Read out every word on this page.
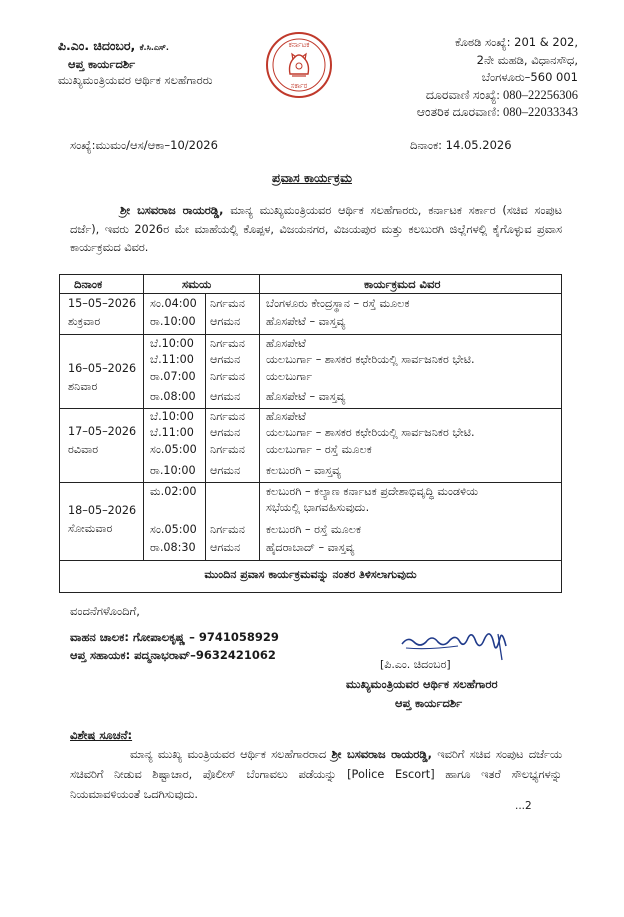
ಪಿ.ಎಂ. ಚಿದಂಬರ, ಕೆ.ಸಿ.ಎಸ್.
ಆಪ್ತ ಕಾರ್ಯದರ್ಶಿ
ಮುಖ್ಯಮಂತ್ರಿಯವರ ಆರ್ಥಿಕ ಸಲಹೆಗಾರರು
ಕರ್ನಾಟಕ
ಸರ್ಕಾರ
ಕೊಠಡಿ ಸಂಖ್ಯೆ: 201 & 202,
2ನೇ ಮಹಡಿ, ವಿಧಾನಸೌಧ,
ಬೆಂಗಳೂರು–560 001
ದೂರವಾಣಿ ಸಂಖ್ಯೆ: 080–22256306
ಆಂತರಿಕ ದೂರವಾಣಿ: 080–22033343
ಸಂಖ್ಯೆ:ಮುಮಂ/ಆಸ/ಆಕಾ–10/2026	ದಿನಾಂಕ: 14.05.2026
ಪ್ರವಾಸ ಕಾರ್ಯಕ್ರಮ
ಶ್ರೀ ಬಸವರಾಜ ರಾಯರಡ್ಡಿ, ಮಾನ್ಯ ಮುಖ್ಯಮಂತ್ರಿಯವರ ಆರ್ಥಿಕ ಸಲಹೆಗಾರರು, ಕರ್ನಾಟಕ ಸರ್ಕಾರ (ಸಚಿವ ಸಂಪುಟ ದರ್ಜೆ), ಇವರು 2026ರ ಮೇ ಮಾಹೆಯಲ್ಲಿ ಕೊಪ್ಪಳ, ವಿಜಯನಗರ, ವಿಜಯಪುರ ಮತ್ತು ಕಲಬುರಗಿ ಜಿಲ್ಲೆಗಳಲ್ಲಿ ಕೈಗೊಳ್ಳುವ ಪ್ರವಾಸ ಕಾರ್ಯಕ್ರಮದ ವಿವರ.
ದಿನಾಂಕ	ಸಮಯ	ಕಾರ್ಯಕ್ರಮದ ವಿವರ
15–05–2026
ಶುಕ್ರವಾರ
ಸಂ.04:00 ನಿರ್ಗಮನ ಬೆಂಗಳೂರು ಕೇಂದ್ರಸ್ಥಾನ – ರಸ್ತೆ ಮೂಲಕ
ರಾ.10:00 ಆಗಮನ ಹೊಸಪೇಟೆ – ವಾಸ್ತವ್ಯ
16–05–2026
ಶನಿವಾರ
ಬೆ.10:00 ನಿರ್ಗಮನ ಹೊಸಪೇಟೆ
ಬೆ.11:00 ಆಗಮನ ಯಲಬುರ್ಗಾ – ಶಾಸಕರ ಕಛೇರಿಯಲ್ಲಿ ಸಾರ್ವಜನಿಕರ ಭೇಟಿ.
ರಾ.07:00 ನಿರ್ಗಮನ ಯಲಬುರ್ಗಾ
ರಾ.08:00 ಆಗಮನ ಹೊಸಪೇಟೆ – ವಾಸ್ತವ್ಯ
17–05–2026
ರವಿವಾರ
ಬೆ.10:00 ನಿರ್ಗಮನ ಹೊಸಪೇಟೆ
ಬೆ.11:00 ಆಗಮನ ಯಲಬುರ್ಗಾ – ಶಾಸಕರ ಕಛೇರಿಯಲ್ಲಿ ಸಾರ್ವಜನಿಕರ ಭೇಟಿ.
ಸಂ.05:00 ನಿರ್ಗಮನ ಯಲಬುರ್ಗಾ – ರಸ್ತೆ ಮೂಲಕ
ರಾ.10:00 ಆಗಮನ ಕಲಬುರಗಿ – ವಾಸ್ತವ್ಯ
18–05–2026
ಸೋಮವಾರ
ಮ.02:00	ಕಲಬುರಗಿ – ಕಲ್ಯಾಣ ಕರ್ನಾಟಕ ಪ್ರದೇಶಾಭಿವೃದ್ಧಿ ಮಂಡಳಿಯ
ಸಭೆಯಲ್ಲಿ ಭಾಗವಹಿಸುವುದು.
ಸಂ.05:00 ನಿರ್ಗಮನ ಕಲಬುರಗಿ – ರಸ್ತೆ ಮೂಲಕ
ರಾ.08:30 ಆಗಮನ ಹೈದರಾಬಾದ್ – ವಾಸ್ತವ್ಯ
ಮುಂದಿನ ಪ್ರವಾಸ ಕಾರ್ಯಕ್ರಮವನ್ನು ನಂತರ ತಿಳಿಸಲಾಗುವುದು
ವಂದನೆಗಳೊಂದಿಗೆ,
ವಾಹನ ಚಾಲಕ: ಗೋಪಾಲಕೃಷ್ಣ – 9741058929
ಆಪ್ತ ಸಹಾಯಕ: ಪದ್ಮನಾಭರಾವ್–9632421062
[ಪಿ.ಎಂ. ಚಿದಂಬರ]
ಮುಖ್ಯಮಂತ್ರಿಯವರ ಆರ್ಥಿಕ ಸಲಹೆಗಾರರ
ಆಪ್ತ ಕಾರ್ಯದರ್ಶಿ
ವಿಶೇಷ ಸೂಚನೆ:
ಮಾನ್ಯ ಮುಖ್ಯ ಮಂತ್ರಿಯವರ ಆರ್ಥಿಕ ಸಲಹೆಗಾರರಾದ ಶ್ರೀ ಬಸವರಾಜ ರಾಯರಡ್ಡಿ, ಇವರಿಗೆ ಸಚಿವ ಸಂಪುಟ ದರ್ಜೆಯ ಸಚಿವರಿಗೆ ನೀಡುವ ಶಿಷ್ಟಾಚಾರ, ಪೊಲೀಸ್ ಬೆಂಗಾವಲು ಪಡೆಯನ್ನು [Police Escort] ಹಾಗೂ ಇತರೆ ಸೌಲಭ್ಯಗಳನ್ನು ನಿಯಮಾವಳಿಯಂತೆ ಒದಗಿಸುವುದು.
...2
